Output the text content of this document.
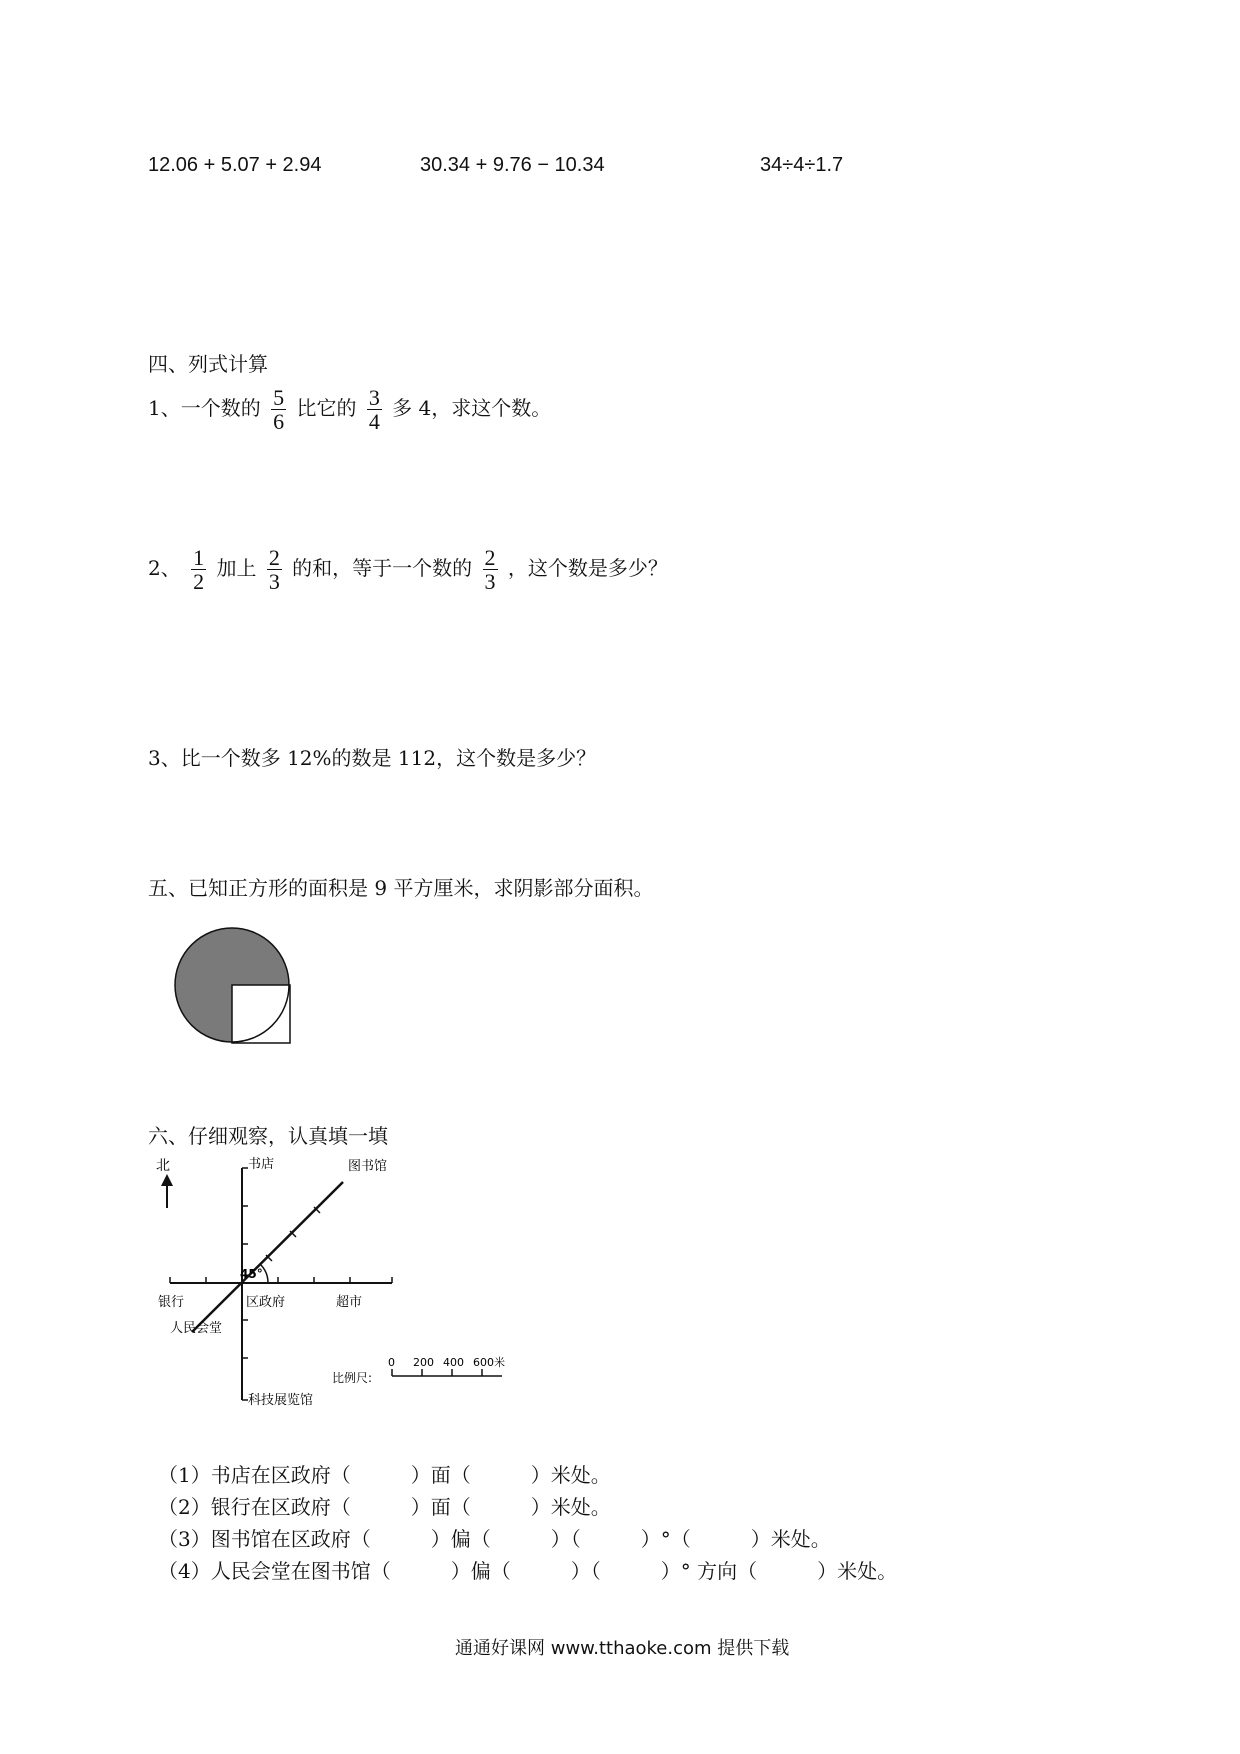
12.06 + 5.07 + 2.94	30.34 + 9.76 − 10.34	34÷4÷1.7
四、列式计算
1、一个数的 $\frac{5}{6}$ 比它的 $\frac{3}{4}$ 多 4，求这个数。
2、 $\frac{1}{2}$ 加上 $\frac{2}{3}$ 的和，等于一个数的 $\frac{2}{3}$ ，这个数是多少？
3、比一个数多 12%的数是 112，这个数是多少？
五、已知正方形的面积是 9 平方厘米，求阴影部分面积。
六、仔细观察，认真填一填
北
45°
书店	图书馆
银行	区政府	超市
人民会堂
科技展览馆
比例尺:
0 200 400 600米
（1）书店在区政府（　　　）面（　　　）米处。
（2）银行在区政府（　　　）面（　　　）米处。
（3）图书馆在区政府（　　　）偏（　　　）（　　　）°（　　　）米处。
（4）人民会堂在图书馆（　　　）偏（　　　）（　　　）° 方向（　　　）米处。
通通好课网 www.tthaoke.com 提供下载
